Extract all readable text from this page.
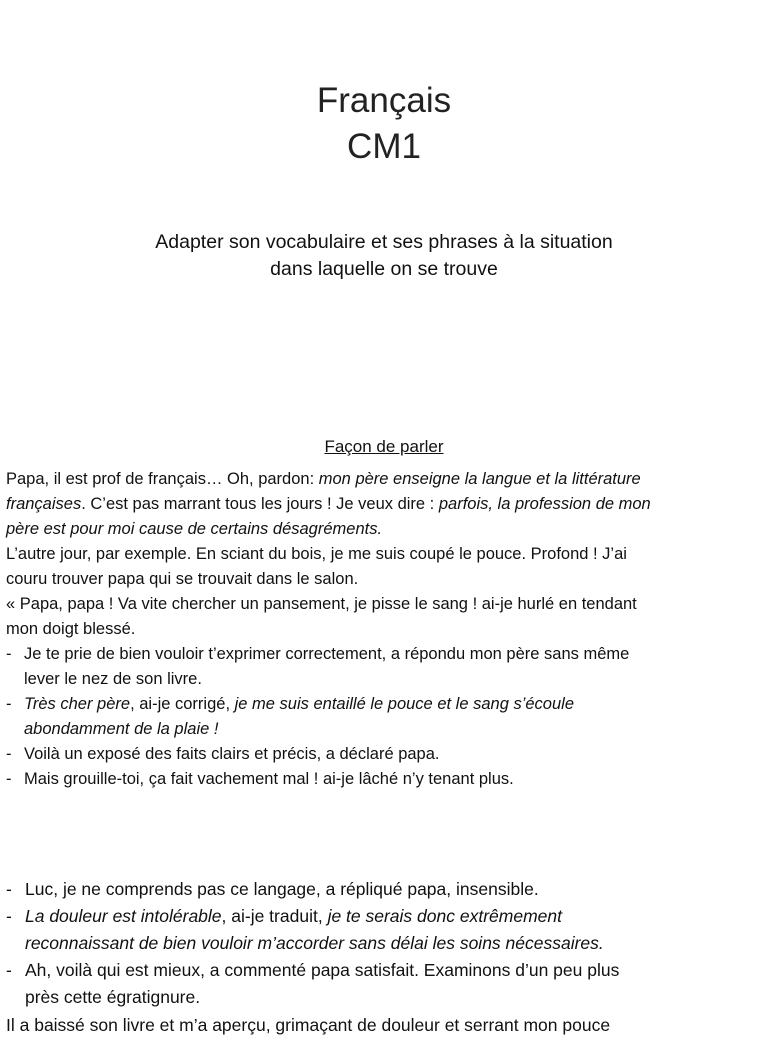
Français
CM1
Adapter son vocabulaire et ses phrases à la situation
dans laquelle on se trouve
Façon de parler

Papa, il est prof de français… Oh, pardon: mon père enseigne la langue et la littérature
françaises. C’est pas marrant tous les jours ! Je veux dire : parfois, la profession de mon
père est pour moi cause de certains désagréments.

L’autre jour, par exemple. En sciant du bois, je me suis coupé le pouce. Profond ! J’ai
couru trouver papa qui se trouvait dans le salon.

« Papa, papa ! Va vite chercher un pansement, je pisse le sang ! ai-je hurlé en tendant
mon doigt blessé.

- Je te prie de bien vouloir t’exprimer correctement, a répondu mon père sans même
lever le nez de son livre.
- Très cher père, ai-je corrigé, je me suis entaillé le pouce et le sang s’écoule
abondamment de la plaie !
- Voilà un exposé des faits clairs et précis, a déclaré papa.
- Mais grouille-toi, ça fait vachement mal ! ai-je lâché n’y tenant plus.
- Luc, je ne comprends pas ce langage, a répliqué papa, insensible.
- La douleur est intolérable, ai-je traduit, je te serais donc extrêmement
reconnaissant de bien vouloir m’accorder sans délai les soins nécessaires.
- Ah, voilà qui est mieux, a commenté papa satisfait. Examinons d’un peu plus
près cette égratignure.
Il a baissé son livre et m’a aperçu, grimaçant de douleur et serrant mon pouce
